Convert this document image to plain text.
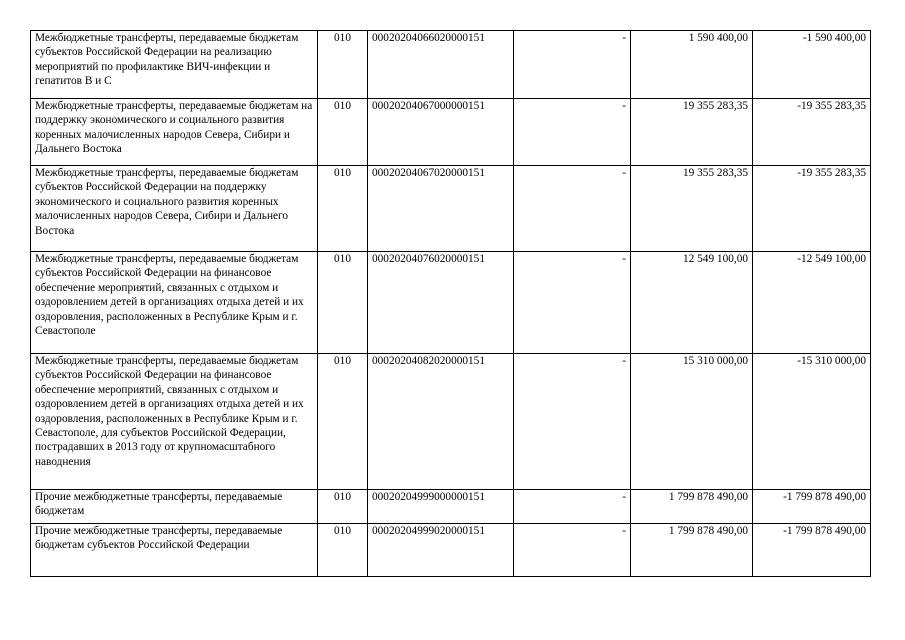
Межбюджетные трансферты, передаваемые бюджетам субъектов Российской Федерации на реализацию мероприятий по профилактике ВИЧ-инфекции и гепатитов B и C	010	00020204066020000151	-	1 590 400,00	-1 590 400,00
Межбюджетные трансферты, передаваемые бюджетам на поддержку экономического и социального развития коренных малочисленных народов Севера, Сибири и Дальнего Востока	010	00020204067000000151	-	19 355 283,35	-19 355 283,35
Межбюджетные трансферты, передаваемые бюджетам субъектов Российской Федерации на поддержку экономического и социального развития коренных малочисленных народов Севера, Сибири и Дальнего Востока	010	00020204067020000151	-	19 355 283,35	-19 355 283,35
Межбюджетные трансферты, передаваемые бюджетам субъектов Российской Федерации на финансовое обеспечение мероприятий, связанных с отдыхом и оздоровлением детей в организациях отдыха детей и их оздоровления, расположенных в Республике Крым и г. Севастополе	010	00020204076020000151	-	12 549 100,00	-12 549 100,00
Межбюджетные трансферты, передаваемые бюджетам субъектов Российской Федерации на финансовое обеспечение мероприятий, связанных с отдыхом и оздоровлением детей в организациях отдыха детей и их оздоровления, расположенных в Республике Крым и г. Севастополе, для субъектов Российской Федерации, пострадавших в 2013 году от крупномасштабного наводнения	010	00020204082020000151	-	15 310 000,00	-15 310 000,00
Прочие межбюджетные трансферты, передаваемые бюджетам	010	00020204999000000151	-	1 799 878 490,00	-1 799 878 490,00
Прочие межбюджетные трансферты, передаваемые бюджетам субъектов Российской Федерации	010	00020204999020000151	-	1 799 878 490,00	-1 799 878 490,00
